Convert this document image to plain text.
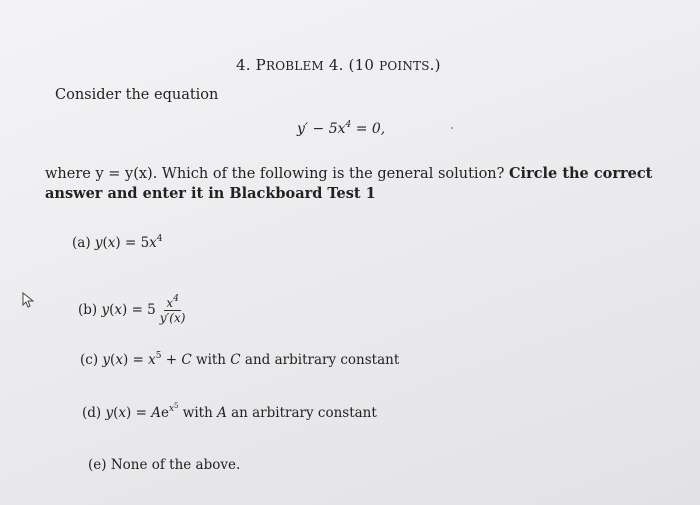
4. PROBLEM 4. (10 POINTS.)
Consider the equation
$y' - 5x^4 = 0$,
where y = y(x). Which of the following is the general solution? Circle the correct
answer and enter it in Blackboard Test 1
(a) $y(x) = 5x^4$
(b) $y(x) = 5 \frac{x^4}{y'(x)}$
(c) $y(x) = x^5 + C$ with C and arbitrary constant
(d) $y(x) = Ae^{x^5}$ with A an arbitrary constant
(e) None of the above.
